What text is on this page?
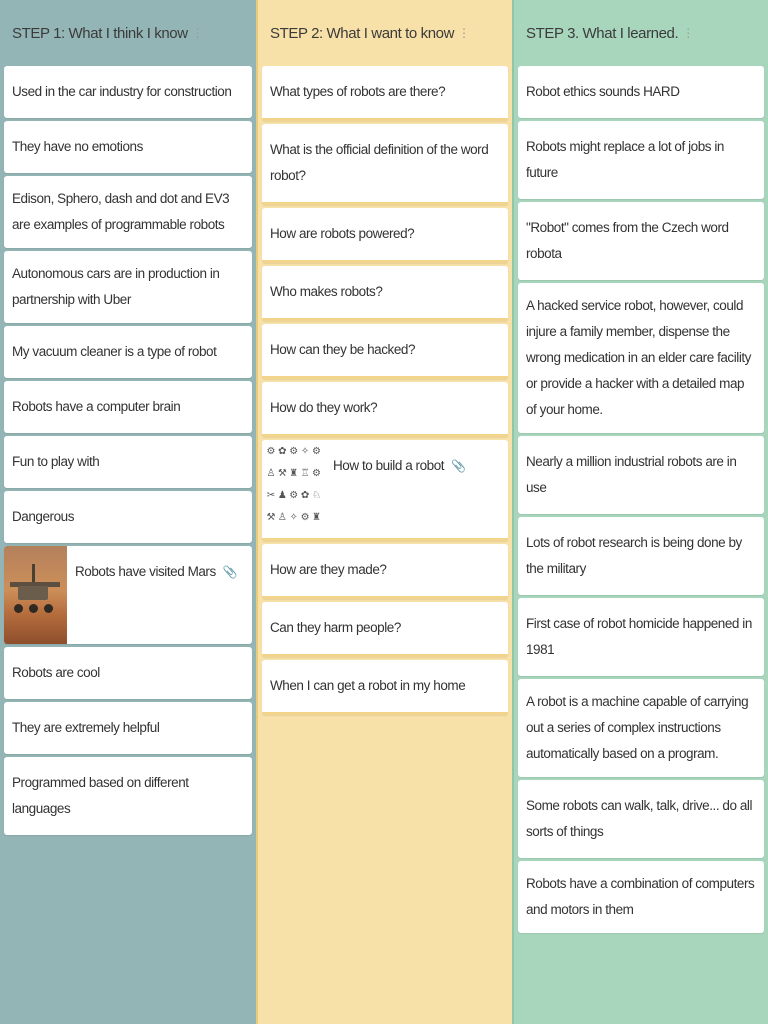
STEP 1: What I think I know ⋮
Used in the car industry for construction
They have no emotions
Edison, Sphero, dash and dot and EV3 are examples of programmable robots
Autonomous cars are in production in partnership with Uber
My vacuum cleaner is a type of robot
Robots have a computer brain
Fun to play with
Dangerous
Robots have visited Mars 📎
Robots are cool
They are extremely helpful
Programmed based on different languages
STEP 2: What I want to know ⋮
What types of robots are there?
What is the official definition of the word robot?
How are robots powered?
Who makes robots?
How can they be hacked?
How do they work?
⚙ ✿ ⚙ ✧ ⚙
♙ ⚒ ♜ ♖ ⚙
✂ ♟ ⚙ ✿ ♘
⚒ ♙ ✧ ⚙ ♜
How to build a robot 📎
How are they made?
Can they harm people?
When I can get a robot in my home
STEP 3. What I learned. ⋮
Robot ethics sounds HARD
Robots might replace a lot of jobs in future
"Robot" comes from the Czech word robota
A hacked service robot, however, could injure a family member, dispense the wrong medication in an elder care facility or provide a hacker with a detailed map of your home.
Nearly a million industrial robots are in use
Lots of robot research is being done by the military
First case of robot homicide happened in 1981
A robot is a machine capable of carrying out a series of complex instructions automatically based on a program.
Some robots can walk, talk, drive... do all sorts of things
Robots have a combination of computers and motors in them
